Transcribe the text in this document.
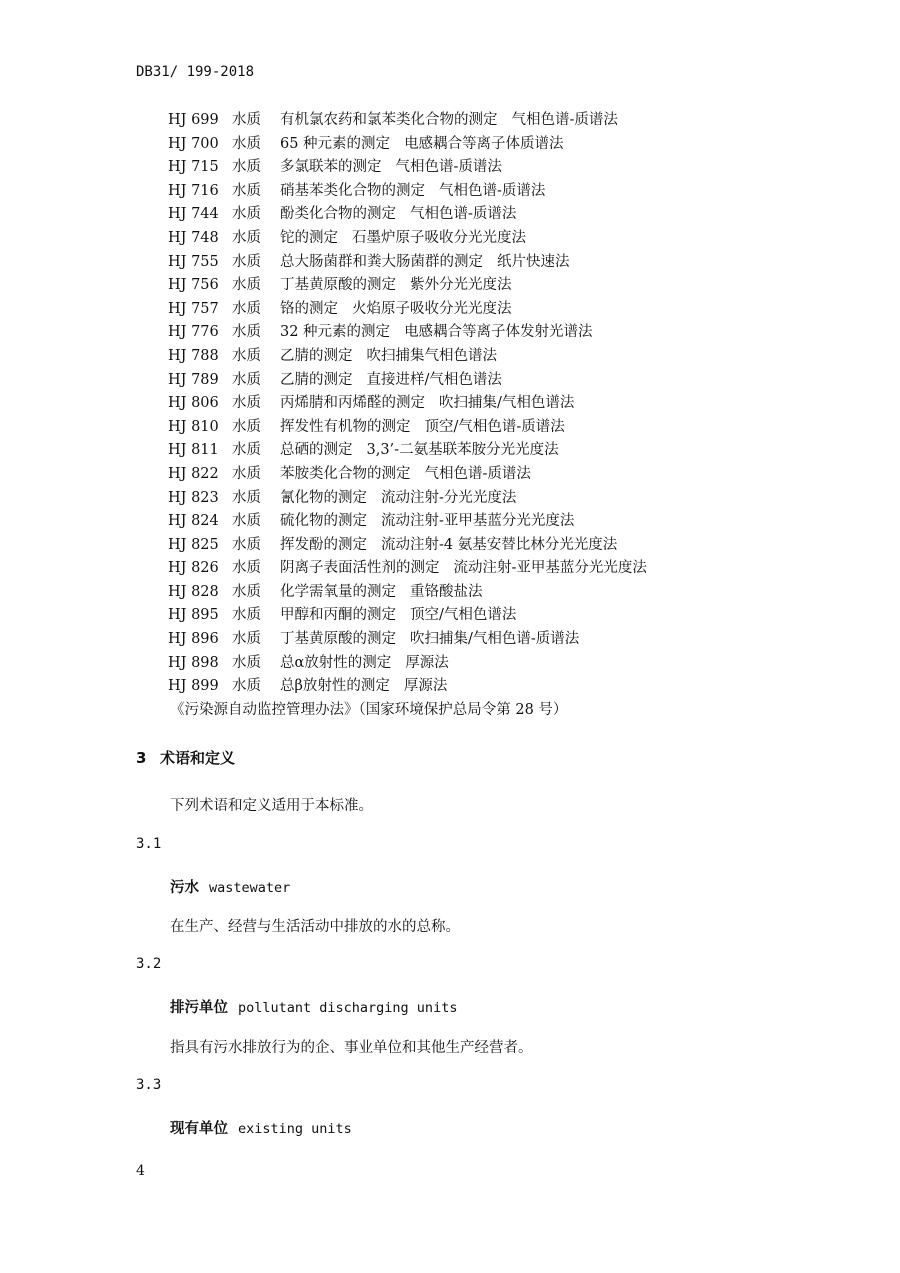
DB31/ 199-2018
HJ 699 水质 有机氯农药和氯苯类化合物的测定 气相色谱-质谱法
HJ 700 水质 65 种元素的测定 电感耦合等离子体质谱法
HJ 715 水质 多氯联苯的测定 气相色谱-质谱法
HJ 716 水质 硝基苯类化合物的测定 气相色谱-质谱法
HJ 744 水质 酚类化合物的测定 气相色谱-质谱法
HJ 748 水质 铊的测定 石墨炉原子吸收分光光度法
HJ 755 水质 总大肠菌群和粪大肠菌群的测定 纸片快速法
HJ 756 水质 丁基黄原酸的测定 紫外分光光度法
HJ 757 水质 铬的测定 火焰原子吸收分光光度法
HJ 776 水质 32 种元素的测定 电感耦合等离子体发射光谱法
HJ 788 水质 乙腈的测定 吹扫捕集气相色谱法
HJ 789 水质 乙腈的测定 直接进样/气相色谱法
HJ 806 水质 丙烯腈和丙烯醛的测定 吹扫捕集/气相色谱法
HJ 810 水质 挥发性有机物的测定 顶空/气相色谱-质谱法
HJ 811 水质 总硒的测定 3,3’-二氨基联苯胺分光光度法
HJ 822 水质 苯胺类化合物的测定 气相色谱-质谱法
HJ 823 水质 氰化物的测定 流动注射-分光光度法
HJ 824 水质 硫化物的测定 流动注射-亚甲基蓝分光光度法
HJ 825 水质 挥发酚的测定 流动注射-4 氨基安替比林分光光度法
HJ 826 水质 阴离子表面活性剂的测定 流动注射-亚甲基蓝分光光度法
HJ 828 水质 化学需氧量的测定 重铬酸盐法
HJ 895 水质 甲醇和丙酮的测定 顶空/气相色谱法
HJ 896 水质 丁基黄原酸的测定 吹扫捕集/气相色谱-质谱法
HJ 898 水质 总α放射性的测定 厚源法
HJ 899 水质 总β放射性的测定 厚源法
《污染源自动监控管理办法》（国家环境保护总局令第 28 号）
3 术语和定义
下列术语和定义适用于本标准。
3.1
污水 wastewater
在生产、经营与生活活动中排放的水的总称。
3.2
排污单位 pollutant discharging units
指具有污水排放行为的企、事业单位和其他生产经营者。
3.3
现有单位 existing units
4
